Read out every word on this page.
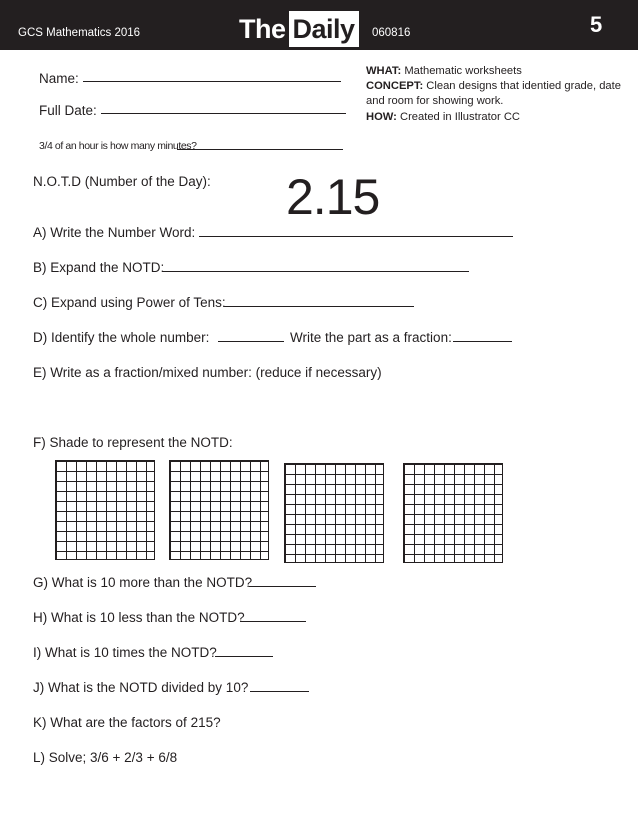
GCS Mathematics 2016	The Daily	060816	5
Name:
Full Date:
WHAT: Mathematic worksheets
CONCEPT: Clean designs that identied grade, date and room for showing work.
HOW: Created in Illustrator CC
3/4 of an hour is how many minutes?
N.O.T.D (Number of the Day): 2.15
A) Write the Number Word:
B) Expand the NOTD:
C) Expand using Power of Tens:
D) Identify the whole number:	Write the part as a fraction:
E) Write as a fraction/mixed number: (reduce if necessary)
F) Shade to represent the NOTD:
G) What is 10 more than the NOTD?
H) What is 10 less than the NOTD?
I) What is 10 times the NOTD?
J) What is the NOTD divided by 10?
K) What are the factors of 215?
L) Solve; 3/6 + 2/3 + 6/8
